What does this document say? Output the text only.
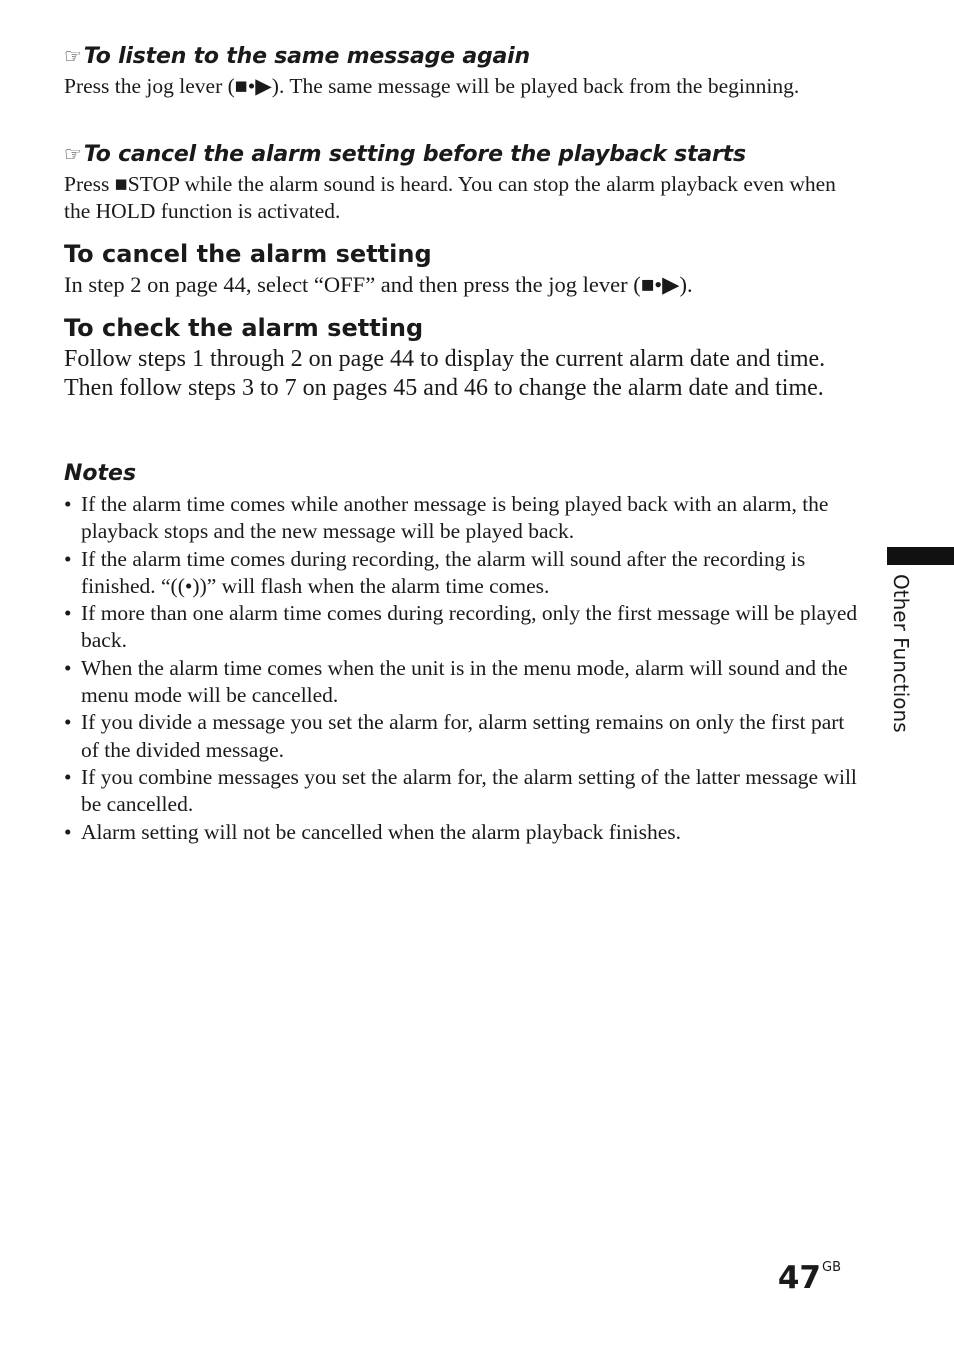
☞To listen to the same message again
Press the jog lever (■•▶). The same message will be played back from the beginning.
☞To cancel the alarm setting before the playback starts
Press ■STOP while the alarm sound is heard. You can stop the alarm playback even when the HOLD function is activated.
To cancel the alarm setting
In step 2 on page 44, select “OFF” and then press the jog lever (■•▶).
To check the alarm setting
Follow steps 1 through 2 on page 44 to display the current alarm date and time. Then follow steps 3 to 7 on pages 45 and 46 to change the alarm date and time.
Notes
• If the alarm time comes while another message is being played back with an alarm, the playback stops and the new message will be played back.
• If the alarm time comes during recording, the alarm will sound after the recording is finished. “((•))” will flash when the alarm time comes.
• If more than one alarm time comes during recording, only the first message will be played back.
• When the alarm time comes when the unit is in the menu mode, alarm will sound and the menu mode will be cancelled.
• If you divide a message you set the alarm for, alarm setting remains on only the first part of the divided message.
• If you combine messages you set the alarm for, the alarm setting of the latter message will be cancelled.
• Alarm setting will not be cancelled when the alarm playback finishes.
Other Functions
$47^{GB}$
